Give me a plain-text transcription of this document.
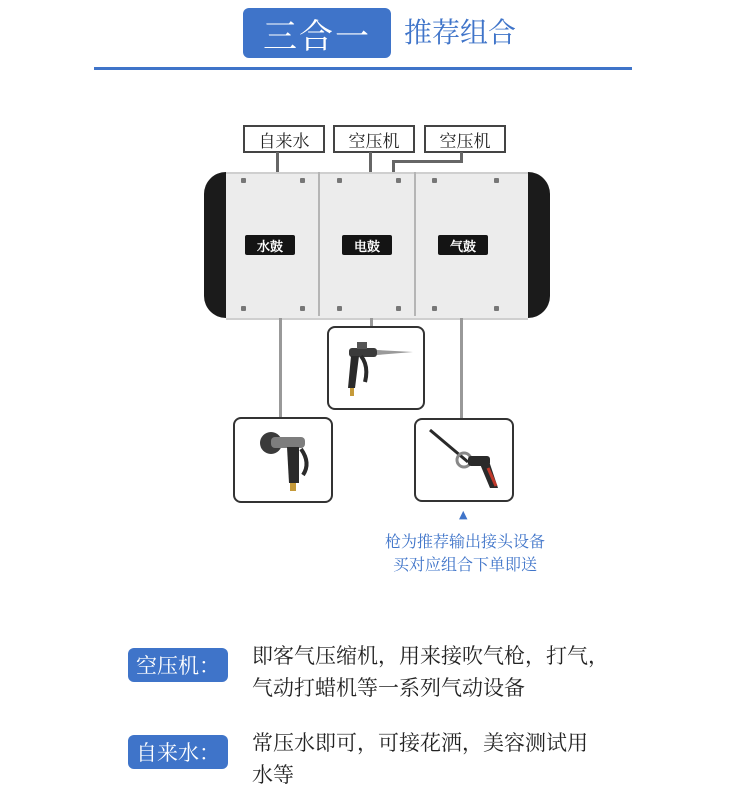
三合一 推荐组合
自来水	空压机	空压机
水鼓	电鼓	气鼓
▲
枪为推荐输出接头设备
买对应组合下单即送
空压机：	即客气压缩机，用来接吹气枪，打气，
气动打蜡机等一系列气动设备
自来水：	常压水即可，可接花洒，美容测试用
水等
